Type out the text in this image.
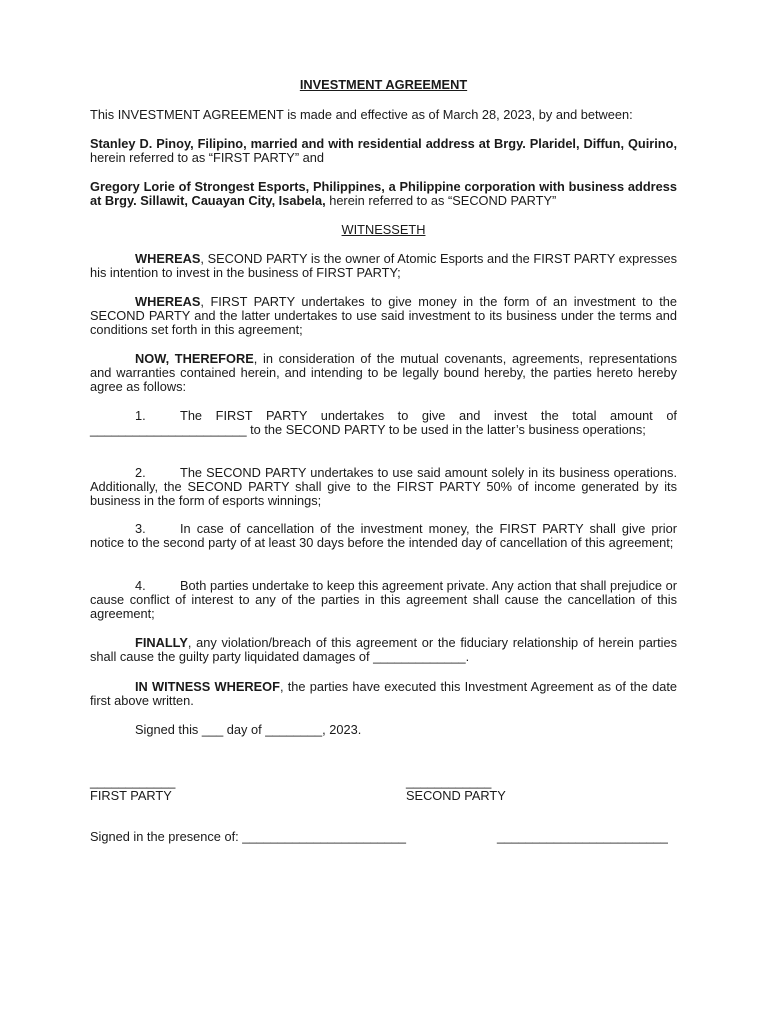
INVESTMENT AGREEMENT

This INVESTMENT AGREEMENT is made and effective as of March 28, 2023, by and between:

Stanley D. Pinoy, Filipino, married and with residential address at Brgy. Plaridel, Diffun, Quirino, herein referred to as “FIRST PARTY” and

Gregory Lorie of Strongest Esports, Philippines, a Philippine corporation with business address at Brgy. Sillawit, Cauayan City, Isabela, herein referred to as “SECOND PARTY”

WITNESSETH

WHEREAS, SECOND PARTY is the owner of Atomic Esports and the FIRST PARTY expresses his intention to invest in the business of FIRST PARTY;

WHEREAS, FIRST PARTY undertakes to give money in the form of an investment to the SECOND PARTY and the latter undertakes to use said investment to its business under the terms and conditions set forth in this agreement;

NOW, THEREFORE, in consideration of the mutual covenants, agreements, representations and warranties contained herein, and intending to be legally bound hereby, the parties hereto hereby agree as follows:

1.	The FIRST PARTY undertakes to give and invest the total amount of ______________________ to the SECOND PARTY to be used in the latter’s business operations;

2.	The SECOND PARTY undertakes to use said amount solely in its business operations. Additionally, the SECOND PARTY shall give to the FIRST PARTY 50% of income generated by its business in the form of esports winnings;

3.	In case of cancellation of the investment money, the FIRST PARTY shall give prior notice to the second party of at least 30 days before the intended day of cancellation of this agreement;

4.	Both parties undertake to keep this agreement private. Any action that shall prejudice or cause conflict of interest to any of the parties in this agreement shall cause the cancellation of this agreement;

FINALLY, any violation/breach of this agreement or the fiduciary relationship of herein parties shall cause the guilty party liquidated damages of _____________.

IN WITNESS WHEREOF, the parties have executed this Investment Agreement as of the date first above written.

Signed this ___ day of ________, 2023.

____________
FIRST PARTY
____________
SECOND PARTY
Signed in the presence of: _______________________	________________________
